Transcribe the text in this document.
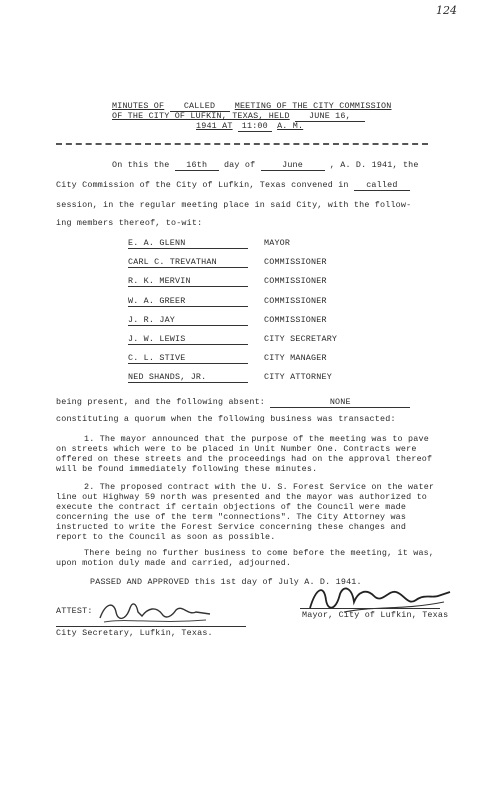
124
MINUTES OF CALLED MEETING OF THE CITY COMMISSION
OF THE CITY OF LUFKIN, TEXAS, HELD JUNE 16,
1941 AT 11:00 A. M.
On this the 16th day of	June	, A. D. 1941, the
City Commission of the City of Lufkin, Texas convened in called
session, in the regular meeting place in said City, with the follow-
ing members thereof, to-wit:
E. A. GLENN	MAYOR
CARL C. TREVATHAN	COMMISSIONER
R. K. MERVIN	COMMISSIONER
W. A. GREER	COMMISSIONER
J. R. JAY	COMMISSIONER
J. W. LEWIS	CITY SECRETARY
C. L. STIVE	CITY MANAGER
NED SHANDS, JR.	CITY ATTORNEY
being present, and the following absent:	NONE
constituting a quorum when the following business was transacted:
1. The mayor announced that the purpose of the meeting was to pave on streets which were to be placed in Unit Number One. Contracts were offered on these streets and the proceedings had on the approval thereof will be found immediately following these minutes.
2. The proposed contract with the U. S. Forest Service on the water line out Highway 59 north was presented and the mayor was authorized to execute the contract if certain objections of the Council were made concerning the use of the term "connections". The City Attorney was instructed to write the Forest Service concerning these changes and report to the Council as soon as possible.
There being no further business to come before the meeting, it was, upon motion duly made and carried, adjourned.
PASSED AND APPROVED this 1st day of July A. D. 1941.
ATTEST:
City Secretary, Lufkin, Texas.
Mayor, City of Lufkin, Texas
